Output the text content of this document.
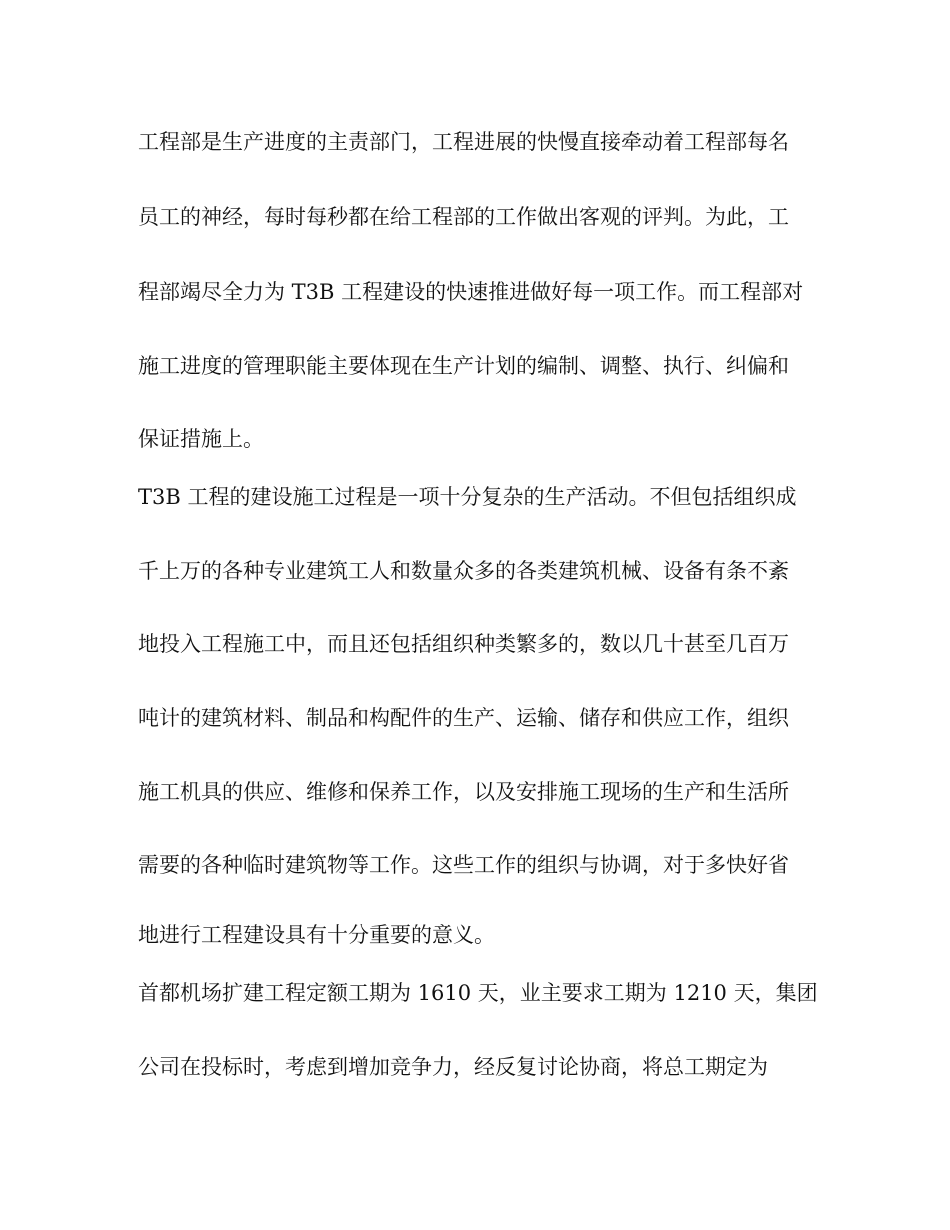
工程部是生产进度的主责部门，工程进展的快慢直接牵动着工程部每名
员工的神经，每时每秒都在给工程部的工作做出客观的评判。为此，工
程部竭尽全力为 T3B 工程建设的快速推进做好每一项工作。而工程部对
施工进度的管理职能主要体现在生产计划的编制、调整、执行、纠偏和
保证措施上。
T3B 工程的建设施工过程是一项十分复杂的生产活动。不但包括组织成
千上万的各种专业建筑工人和数量众多的各类建筑机械、设备有条不紊
地投入工程施工中，而且还包括组织种类繁多的，数以几十甚至几百万
吨计的建筑材料、制品和构配件的生产、运输、储存和供应工作，组织
施工机具的供应、维修和保养工作，以及安排施工现场的生产和生活所
需要的各种临时建筑物等工作。这些工作的组织与协调，对于多快好省
地进行工程建设具有十分重要的意义。
首都机场扩建工程定额工期为 1610 天，业主要求工期为 1210 天，集团
公司在投标时，考虑到增加竞争力，经反复讨论协商，将总工期定为
